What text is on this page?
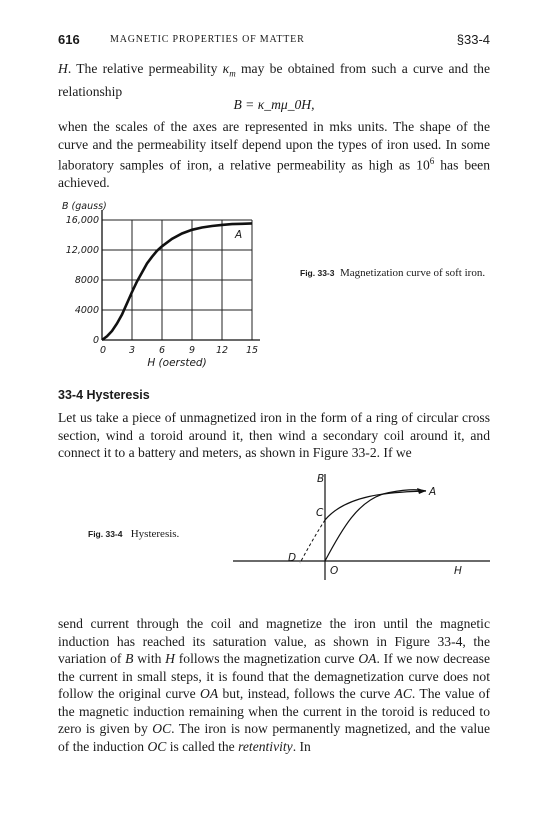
616	MAGNETIC PROPERTIES OF MATTER	§33-4

H. The relative permeability $\kappa_m$ may be obtained from such a curve and the relationship

B = κ_mμ_0H,

when the scales of the axes are represented in mks units. The shape of the curve and the permeability itself depend upon the types of iron used. In some laboratory samples of iron, a relative permeability as high as $10^6$ has been achieved.

0
4000
8000
12,000
16,000
0 3	6	9 12 15
B (gauss)
H (oersted)
A
Fig. 33-3 Magnetization curve of soft iron.
33-4 Hysteresis

Let us take a piece of unmagnetized iron in the form of a ring of circular cross section, wind a toroid around it, then wind a secondary coil around it, and connect it to a battery and meters, as shown in Figure 33-2. If we

Fig. 33-4 Hysteresis.
B
A
C
D
O	H

send current through the coil and magnetize the iron until the magnetic induction has reached its saturation value, as shown in Figure 33-4, the variation of B with H follows the magnetization curve OA. If we now decrease the current in small steps, it is found that the demagnetization curve does not follow the original curve OA but, instead, follows the curve AC. The value of the magnetic induction remaining when the current in the toroid is reduced to zero is given by OC. The iron is now permanently magnetized, and the value of the induction OC is called the retentivity. In
